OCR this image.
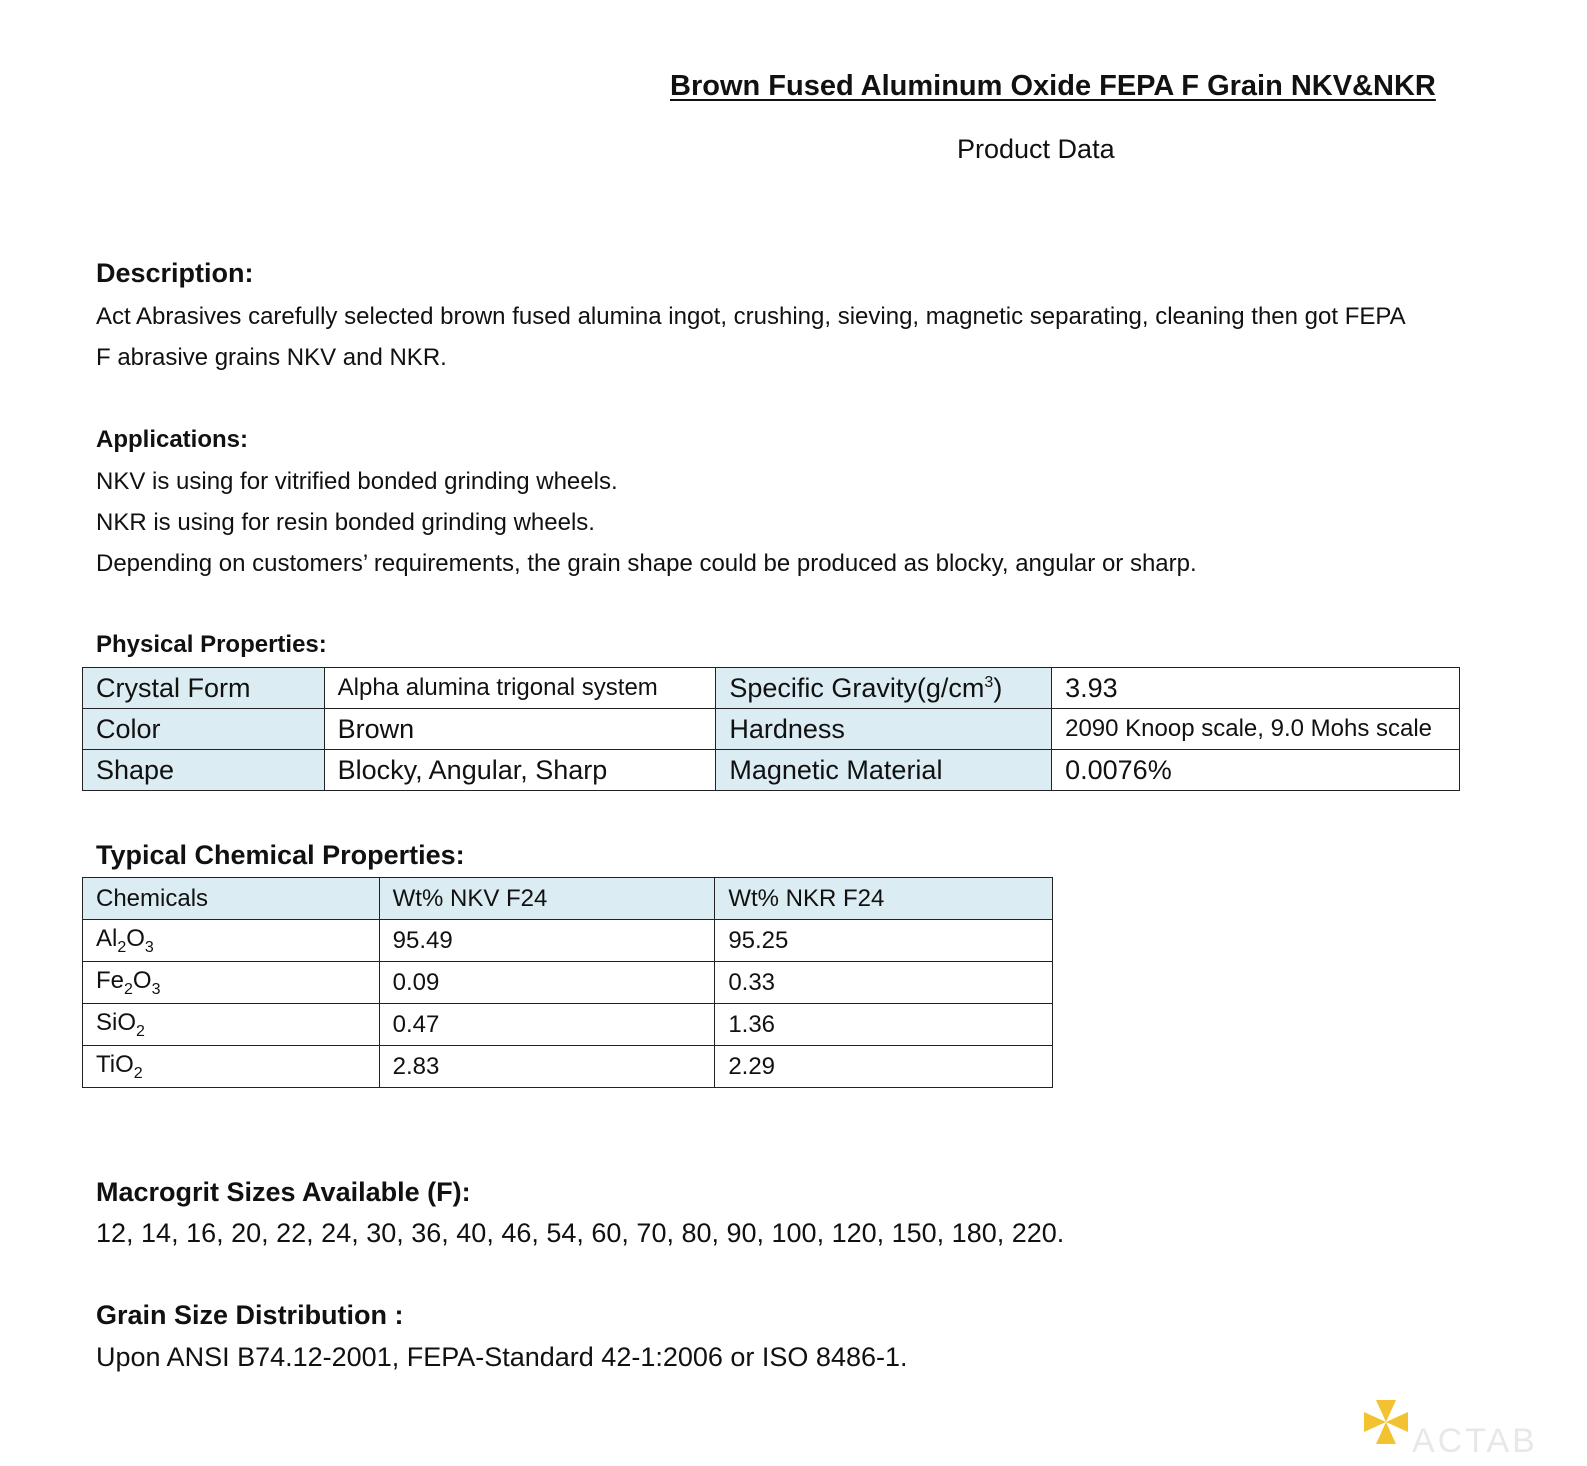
Brown Fused Aluminum Oxide FEPA F Grain NKV&NKR
Product Data
Description:
Act Abrasives carefully selected brown fused alumina ingot, crushing, sieving, magnetic separating, cleaning then got FEPA
F abrasive grains NKV and NKR.
Applications:
NKV is using for vitrified bonded grinding wheels.
NKR is using for resin bonded grinding wheels.
Depending on customers’ requirements, the grain shape could be produced as blocky, angular or sharp.
Physical Properties:
Crystal Form	Alpha alumina trigonal system	Specific $Gravity(g/cm^3)$	3.93
Color	Brown	Hardness	2090 Knoop scale, 9.0 Mohs scale
Shape	Blocky, Angular, Sharp	Magnetic Material	0.0076%
Typical Chemical Properties:
Chemicals	Wt% NKV F24	Wt% NKR F24
$Al_2O_3$	95.49	95.25
$Fe_2O_3$	0.09	0.33
SiO$_2$	0.47	1.36
TiO$_2$	2.83	2.29
Macrogrit Sizes Available (F):
12, 14, 16, 20, 22, 24, 30, 36, 40, 46, 54, 60, 70, 80, 90, 100, 120, 150, 180, 220.
Grain Size Distribution :
Upon ANSI B74.12-2001, FEPA-Standard 42-1:2006 or ISO 8486-1.
ACTAB
